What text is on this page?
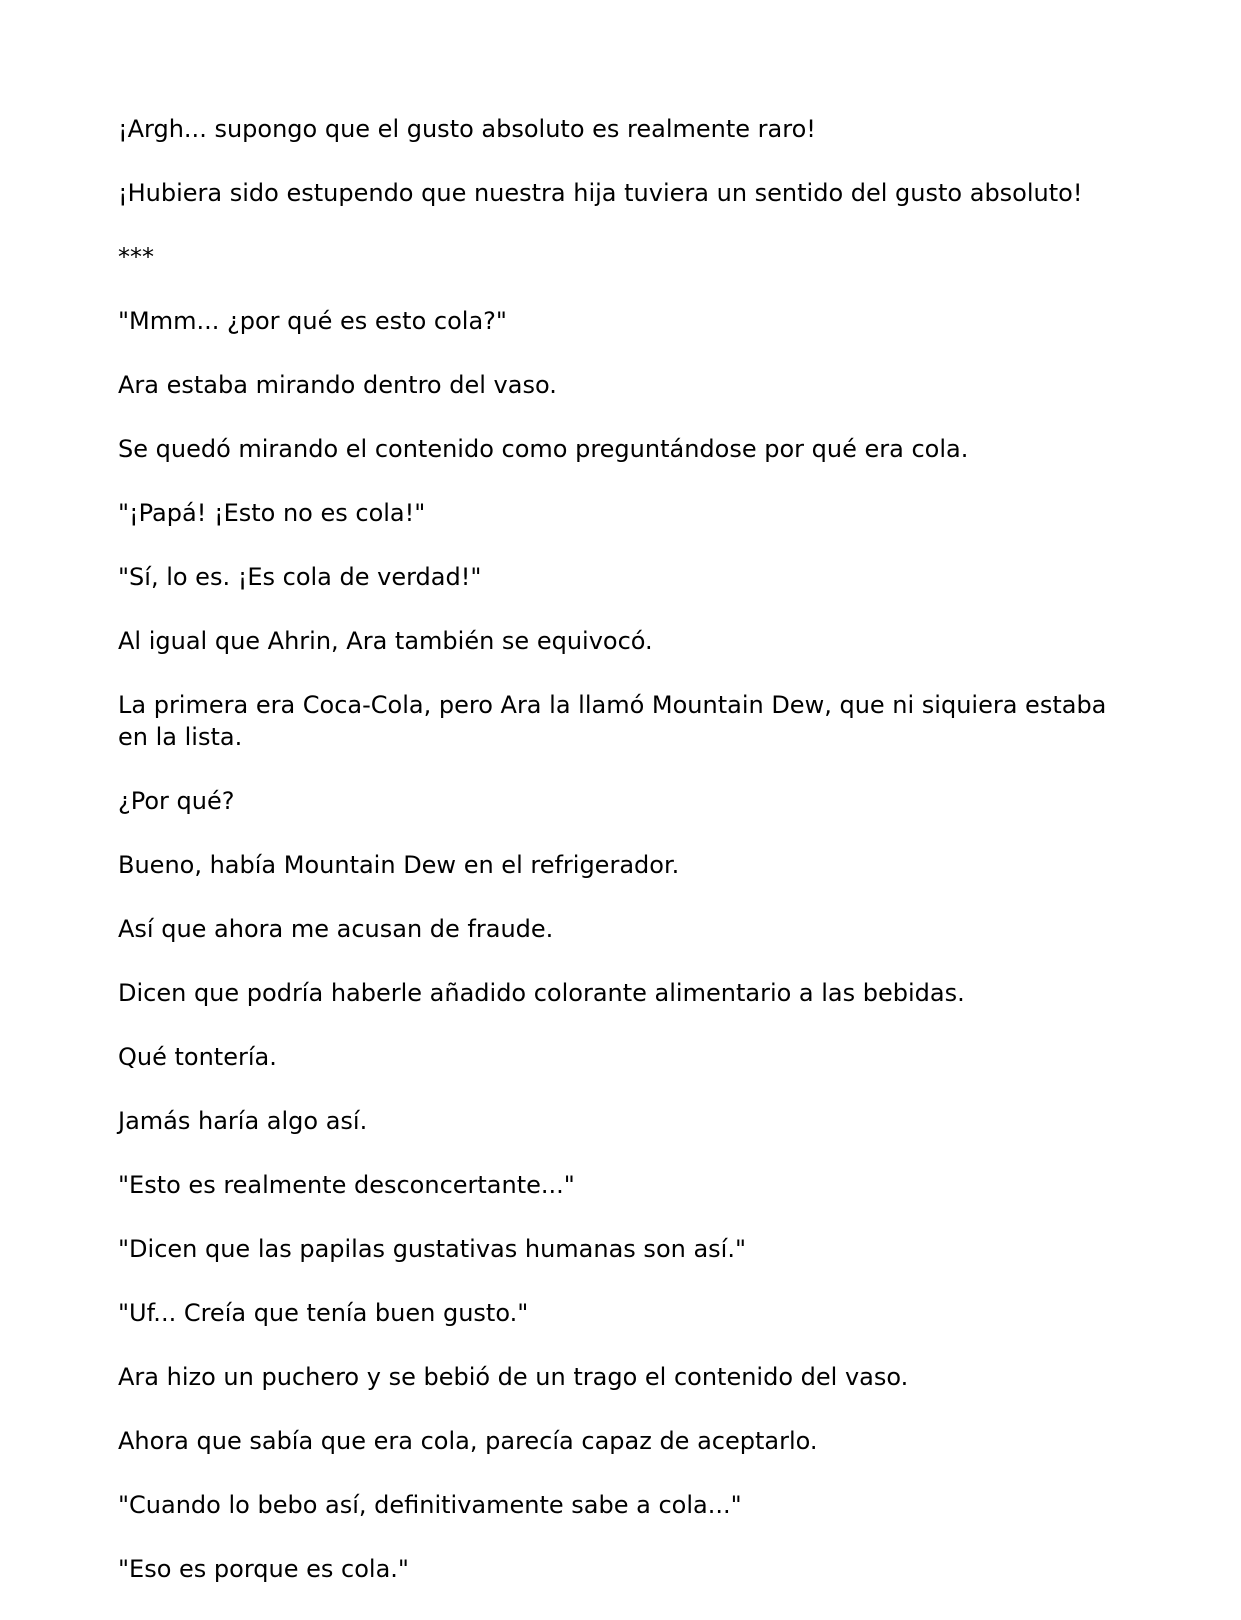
¡Argh... supongo que el gusto absoluto es realmente raro!

¡Hubiera sido estupendo que nuestra hija tuviera un sentido del gusto absoluto!

***

"Mmm... ¿por qué es esto cola?"

Ara estaba mirando dentro del vaso.

Se quedó mirando el contenido como preguntándose por qué era cola.

"¡Papá! ¡Esto no es cola!"

"Sí, lo es. ¡Es cola de verdad!"

Al igual que Ahrin, Ara también se equivocó.

La primera era Coca-Cola, pero Ara la llamó Mountain Dew, que ni siquiera estaba en la lista.

¿Por qué?

Bueno, había Mountain Dew en el refrigerador.

Así que ahora me acusan de fraude.

Dicen que podría haberle añadido colorante alimentario a las bebidas.

Qué tontería.

Jamás haría algo así.

"Esto es realmente desconcertante..."

"Dicen que las papilas gustativas humanas son así."

"Uf... Creía que tenía buen gusto."

Ara hizo un puchero y se bebió de un trago el contenido del vaso.

Ahora que sabía que era cola, parecía capaz de aceptarlo.

"Cuando lo bebo así, definitivamente sabe a cola..."

"Eso es porque es cola."
